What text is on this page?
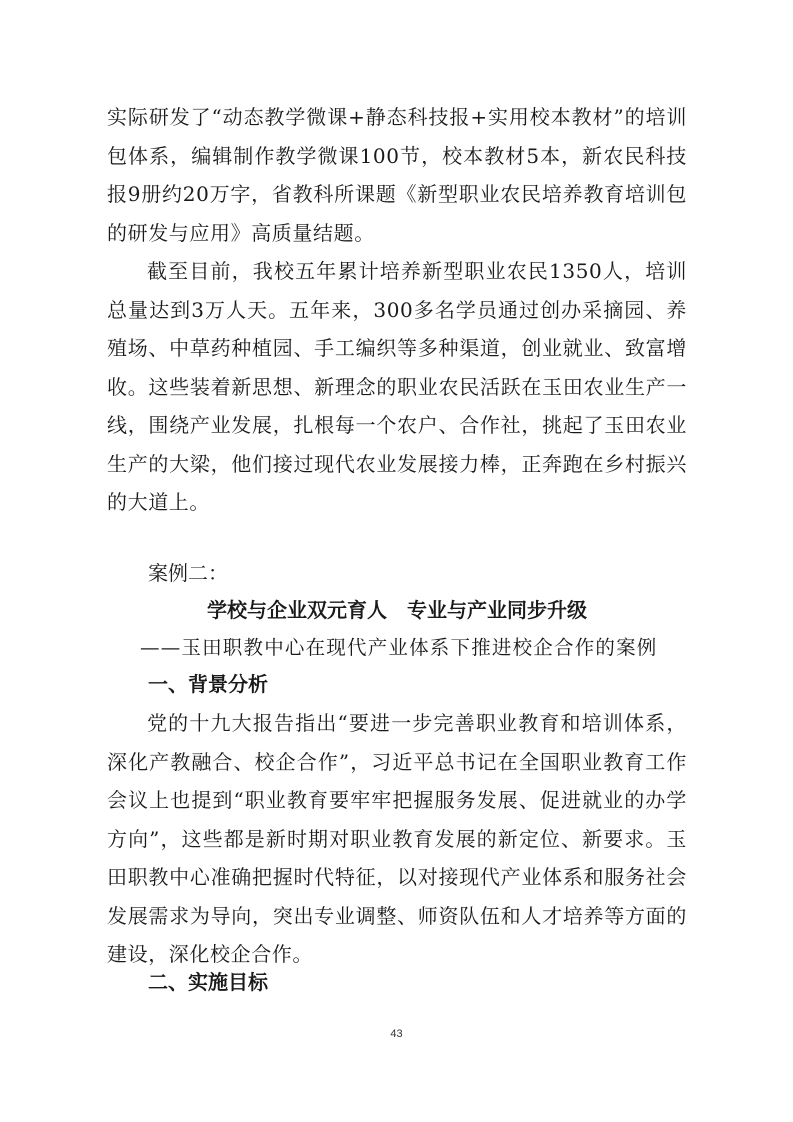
实际研发了“动态教学微课+静态科技报+实用校本教材”的培训包体系，编辑制作教学微课100节，校本教材5本，新农民科技报9册约20万字，省教科所课题《新型职业农民培养教育培训包的研发与应用》高质量结题。

截至目前，我校五年累计培养新型职业农民1350人，培训总量达到3万人天。五年来，300多名学员通过创办采摘园、养殖场、中草药种植园、手工编织等多种渠道，创业就业、致富增收。这些装着新思想、新理念的职业农民活跃在玉田农业生产一线，围绕产业发展，扎根每一个农户、合作社，挑起了玉田农业生产的大梁，他们接过现代农业发展接力棒，正奔跑在乡村振兴的大道上。

案例二：

学校与企业双元育人　专业与产业同步升级

——玉田职教中心在现代产业体系下推进校企合作的案例

一、背景分析

党的十九大报告指出“要进一步完善职业教育和培训体系，深化产教融合、校企合作”，习近平总书记在全国职业教育工作会议上也提到“职业教育要牢牢把握服务发展、促进就业的办学方向”，这些都是新时期对职业教育发展的新定位、新要求。玉田职教中心准确把握时代特征，以对接现代产业体系和服务社会发展需求为导向，突出专业调整、师资队伍和人才培养等方面的建设，深化校企合作。

二、实施目标

43
